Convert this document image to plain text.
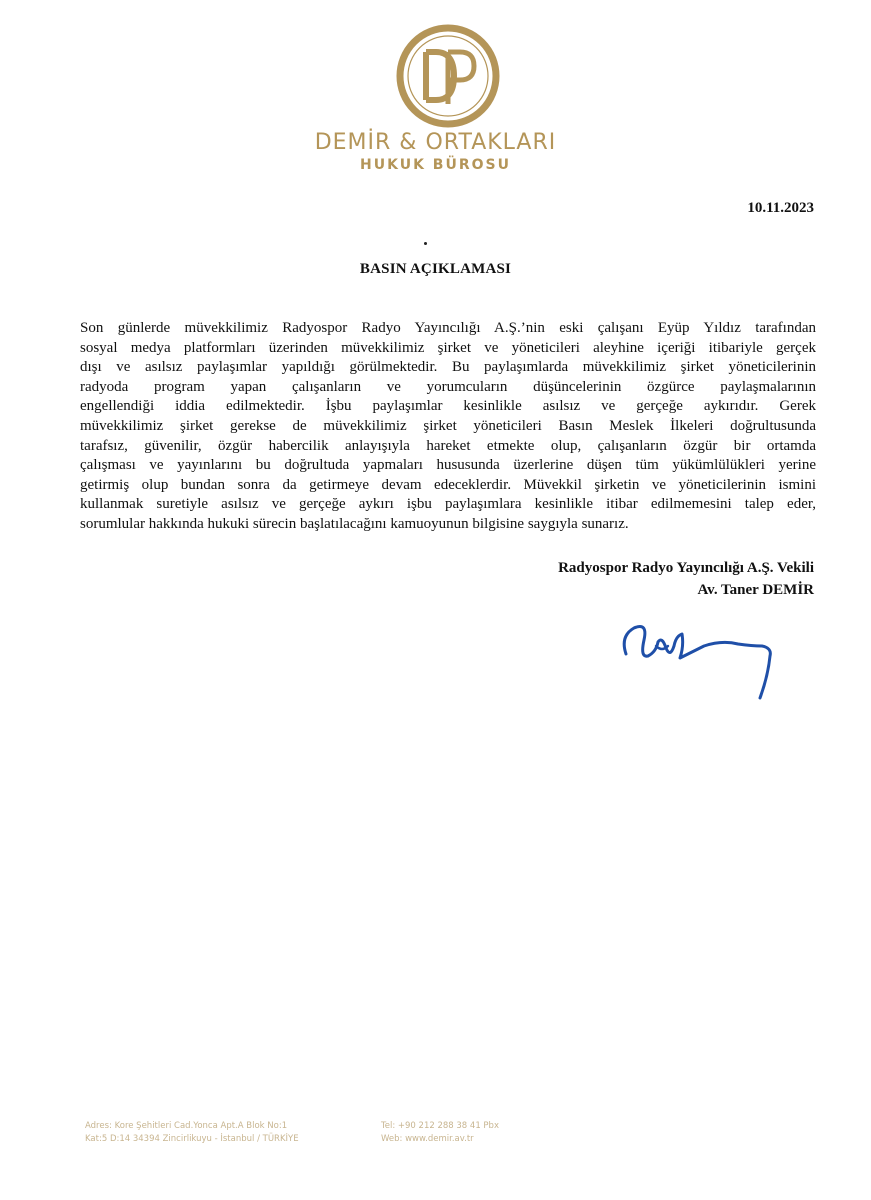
DEMİR & ORTAKLARI
HUKUK BÜROSU
10.11.2023
BASIN AÇIKLAMASI
Son günlerde müvekkilimiz Radyospor Radyo Yayıncılığı A.Ş.’nin eski çalışanı Eyüp Yıldız tarafından
sosyal medya platformları üzerinden müvekkilimiz şirket ve yöneticileri aleyhine içeriği itibariyle gerçek
dışı ve asılsız paylaşımlar yapıldığı görülmektedir. Bu paylaşımlarda müvekkilimiz şirket yöneticilerinin
radyoda program yapan çalışanların ve yorumcuların düşüncelerinin özgürce paylaşmalarının
engellendiği iddia edilmektedir. İşbu paylaşımlar kesinlikle asılsız ve gerçeğe aykırıdır. Gerek
müvekkilimiz şirket gerekse de müvekkilimiz şirket yöneticileri Basın Meslek İlkeleri doğrultusunda
tarafsız, güvenilir, özgür habercilik anlayışıyla hareket etmekte olup, çalışanların özgür bir ortamda
çalışması ve yayınlarını bu doğrultuda yapmaları hususunda üzerlerine düşen tüm yükümlülükleri yerine
getirmiş olup bundan sonra da getirmeye devam edeceklerdir. Müvekkil şirketin ve yöneticilerinin ismini
kullanmak suretiyle asılsız ve gerçeğe aykırı işbu paylaşımlara kesinlikle itibar edilmemesini talep eder,
sorumlular hakkında hukuki sürecin başlatılacağını kamuoyunun bilgisine saygıyla sunarız.
Radyospor Radyo Yayıncılığı A.Ş. Vekili
Av. Taner DEMİR
Adres: Kore Şehitleri Cad.Yonca Apt.A Blok No:1
Kat:5 D:14 34394 Zincirlikuyu - İstanbul / TÜRKİYE
Tel: +90 212 288 38 41 Pbx
Web: www.demir.av.tr
